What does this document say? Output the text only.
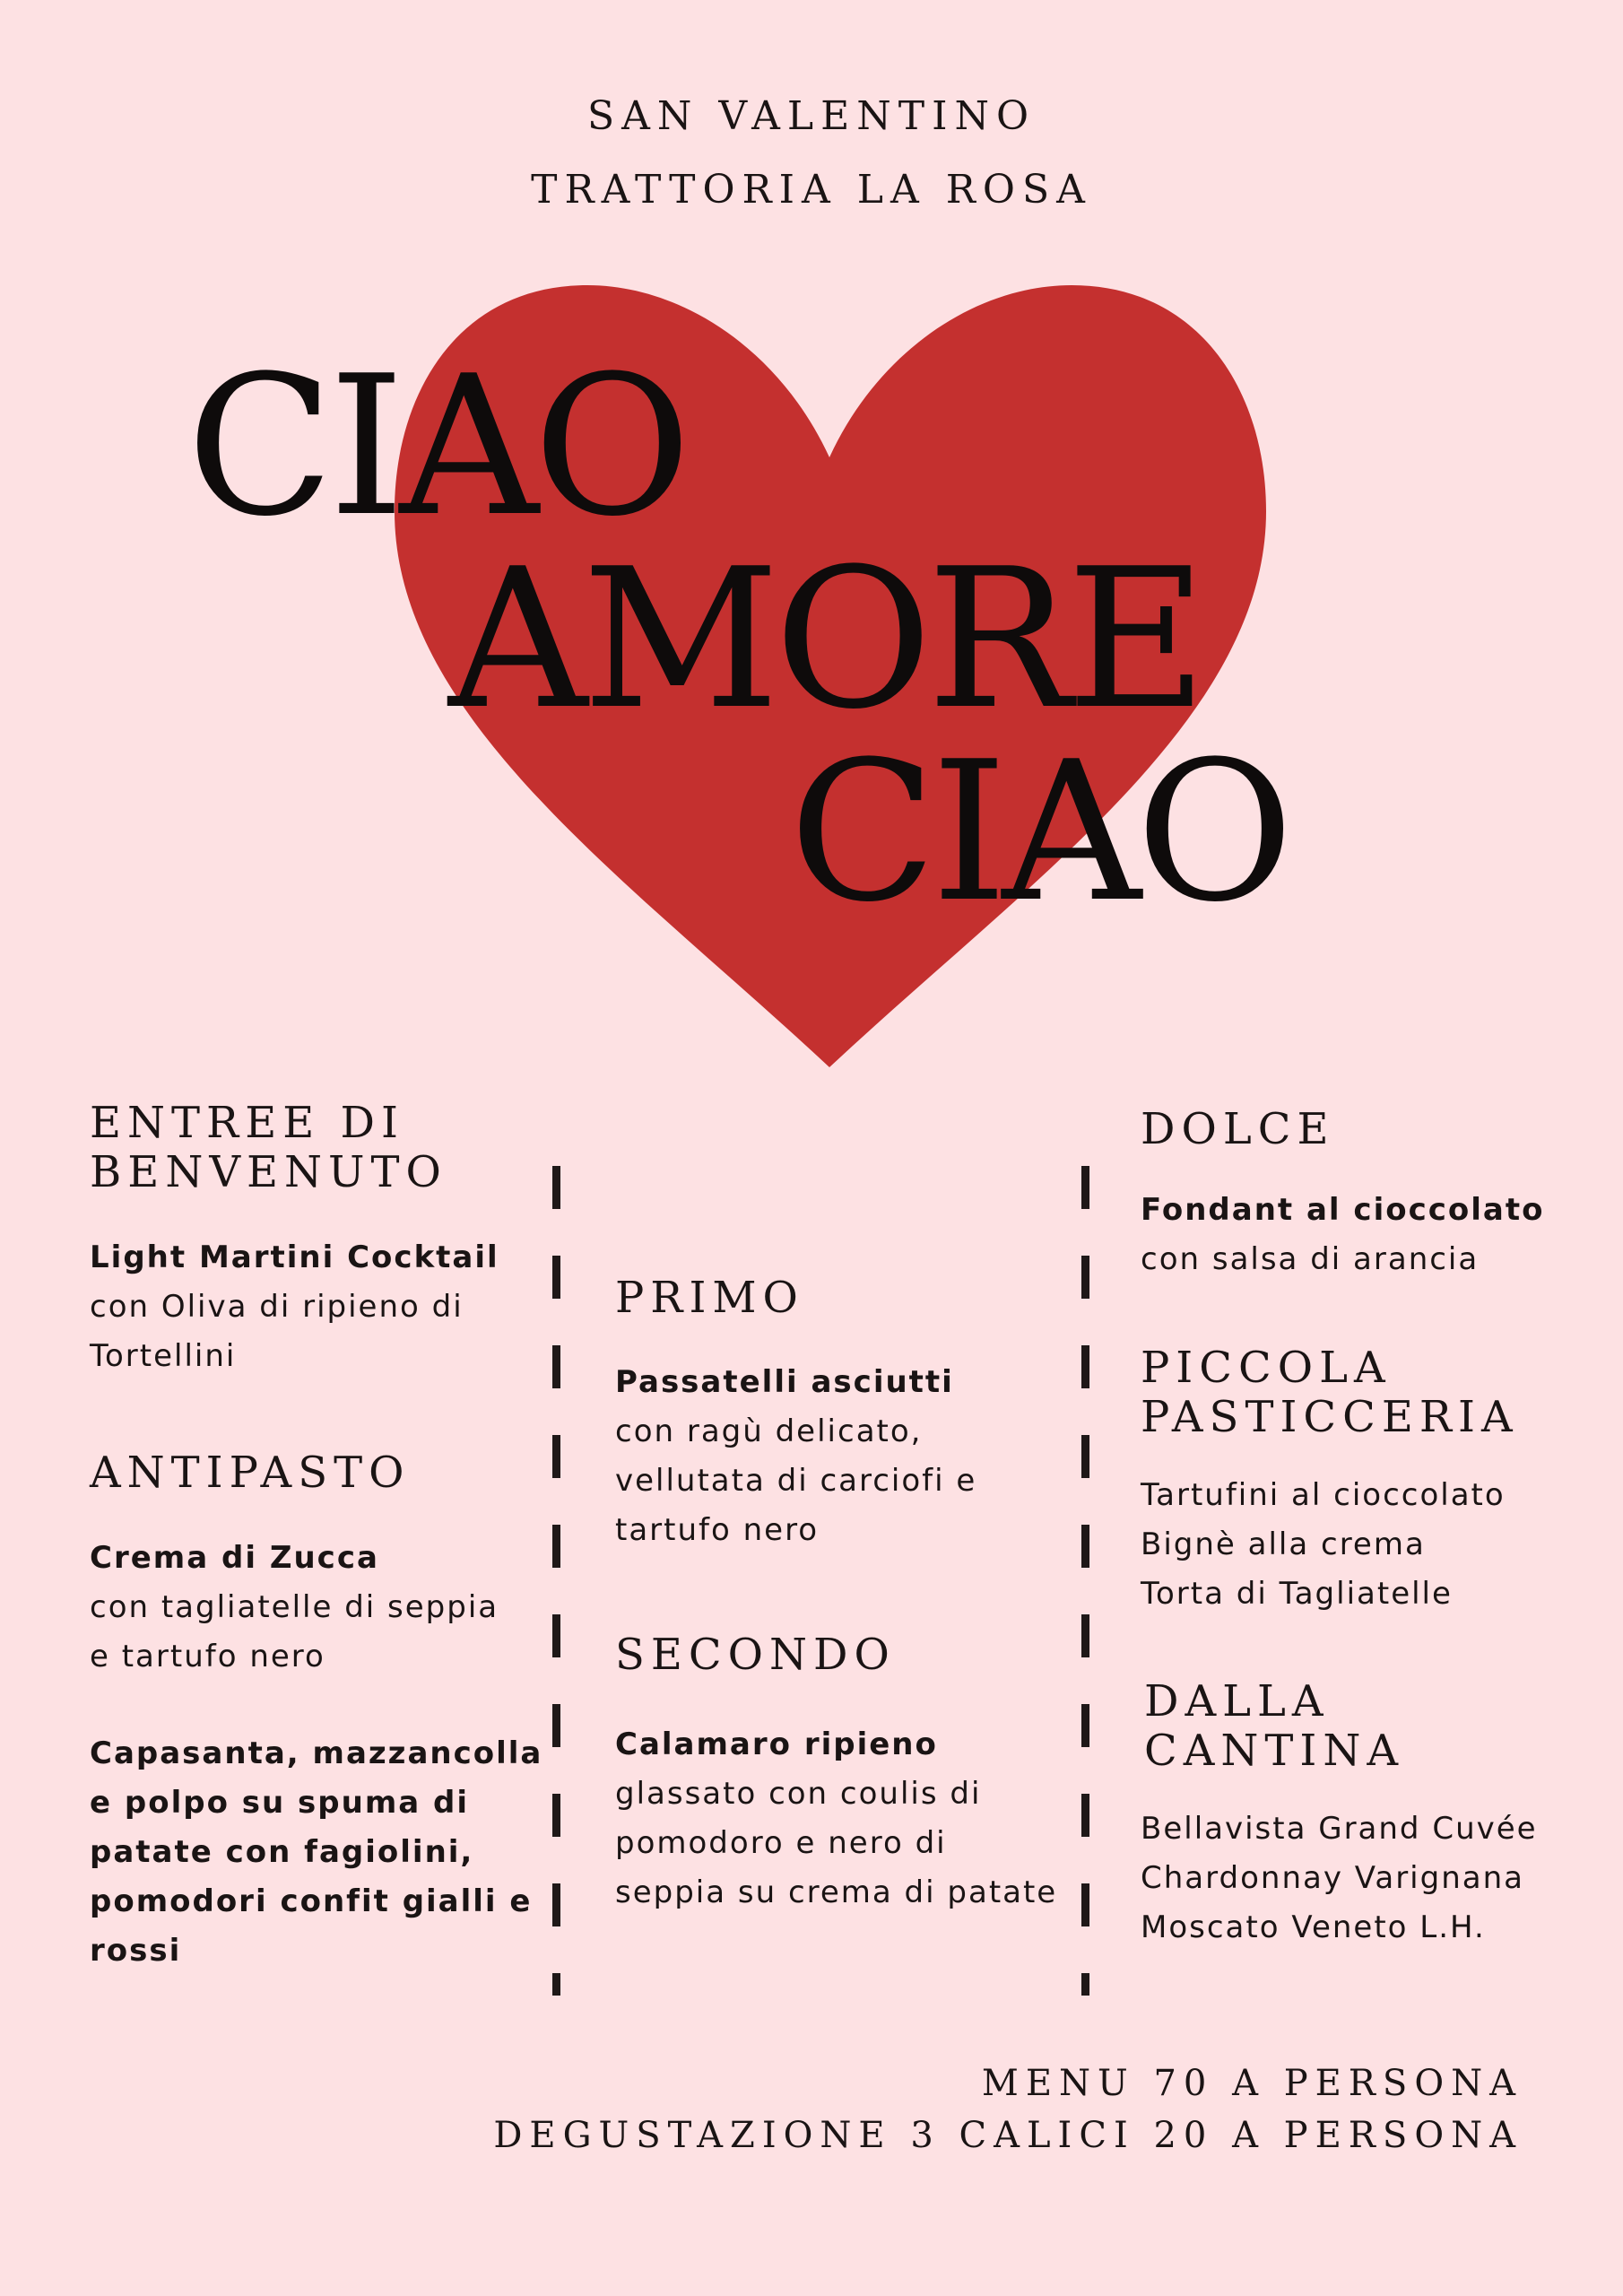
SAN VALENTINO
TRATTORIA LA ROSA
CIAO
AMORE
CIAO
ENTREE DI BENVENUTO
Light Martini Cocktail
con Oliva di ripieno di
Tortellini
ANTIPASTO
Crema di Zucca
con tagliatelle di seppia
e tartufo nero
Capasanta, mazzancolla
e polpo su spuma di
patate con fagiolini,
pomodori confit gialli e
rossi
PRIMO
Passatelli asciutti
con ragù delicato,
vellutata di carciofi e
tartufo nero
SECONDO
Calamaro ripieno
glassato con coulis di
pomodoro e nero di
seppia su crema di patate
DOLCE
Fondant al cioccolato
con salsa di arancia
PICCOLA PASTICCERIA
Tartufini al cioccolato
Bignè alla crema
Torta di Tagliatelle
DALLA CANTINA
Bellavista Grand Cuvée
Chardonnay Varignana
Moscato Veneto L.H.
MENU 70 A PERSONA
DEGUSTAZIONE 3 CALICI 20 A PERSONA
